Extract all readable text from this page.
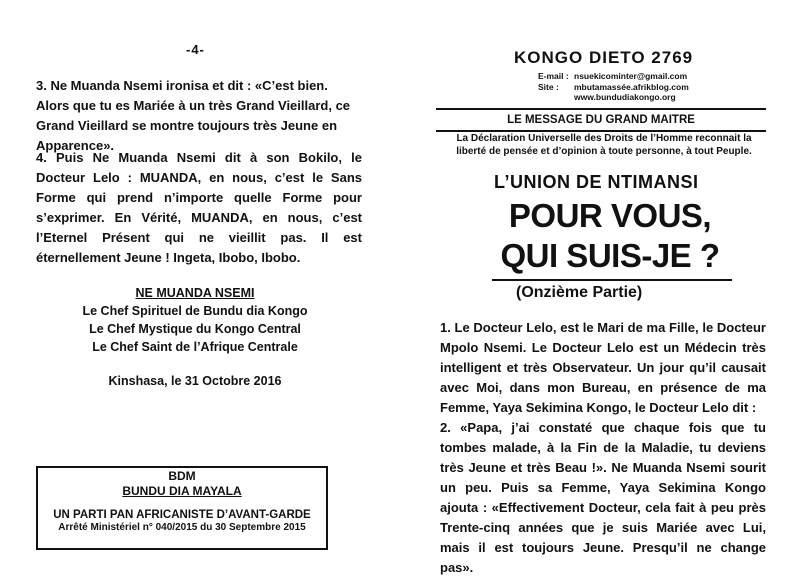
-4-

3. Ne Muanda Nsemi ironisa et dit : «C’est bien. Alors que tu es Mariée à un très Grand Vieillard, ce Grand Vieillard se montre toujours très Jeune en Apparence».

4. Puis Ne Muanda Nsemi dit à son Bokilo, le Docteur Lelo : MUANDA, en nous, c’est le Sans Forme qui prend n’importe quelle Forme pour s’exprimer. En Vérité, MUANDA, en nous, c’est l’Eternel Présent qui ne vieillit pas. Il est éternellement Jeune ! Ingeta, Ibobo, Ibobo.

NE MUANDA NSEMI
Le Chef Spirituel de Bundu dia Kongo
Le Chef Mystique du Kongo Central
Le Chef Saint de l’Afrique Centrale
Kinshasa, le 31 Octobre 2016
BDM
BUNDU DIA MAYALA
UN PARTI PAN AFRICANISTE D’AVANT-GARDE
Arrêté Ministériel n° 040/2015 du 30 Septembre 2015
KONGO DIETO 2769
E-mail : nsuekicominter@gmail.com
Site : mbutamassée.afrikblog.com
www.bundudiakongo.org
LE MESSAGE DU GRAND MAITRE
La Déclaration Universelle des Droits de l’Homme reconnait la liberté de pensée et d’opinion à toute personne, à tout Peuple.
L’UNION DE NTIMANSI
POUR VOUS,
QUI SUIS-JE ?
(Onzième Partie)

1. Le Docteur Lelo, est le Mari de ma Fille, le Docteur Mpolo Nsemi. Le Docteur Lelo est un Médecin très intelligent et très Observateur. Un jour qu’il causait avec Moi, dans mon Bureau, en présence de ma Femme, Yaya Sekimina Kongo, le Docteur Lelo dit :

2. «Papa, j’ai constaté que chaque fois que tu tombes malade, à la Fin de la Maladie, tu deviens très Jeune et très Beau !». Ne Muanda Nsemi sourit un peu. Puis sa Femme, Yaya Sekimina Kongo ajouta : «Effectivement Docteur, cela fait à peu près Trente-cinq années que je suis Mariée avec Lui, mais il est toujours Jeune. Presqu’il ne change pas».
